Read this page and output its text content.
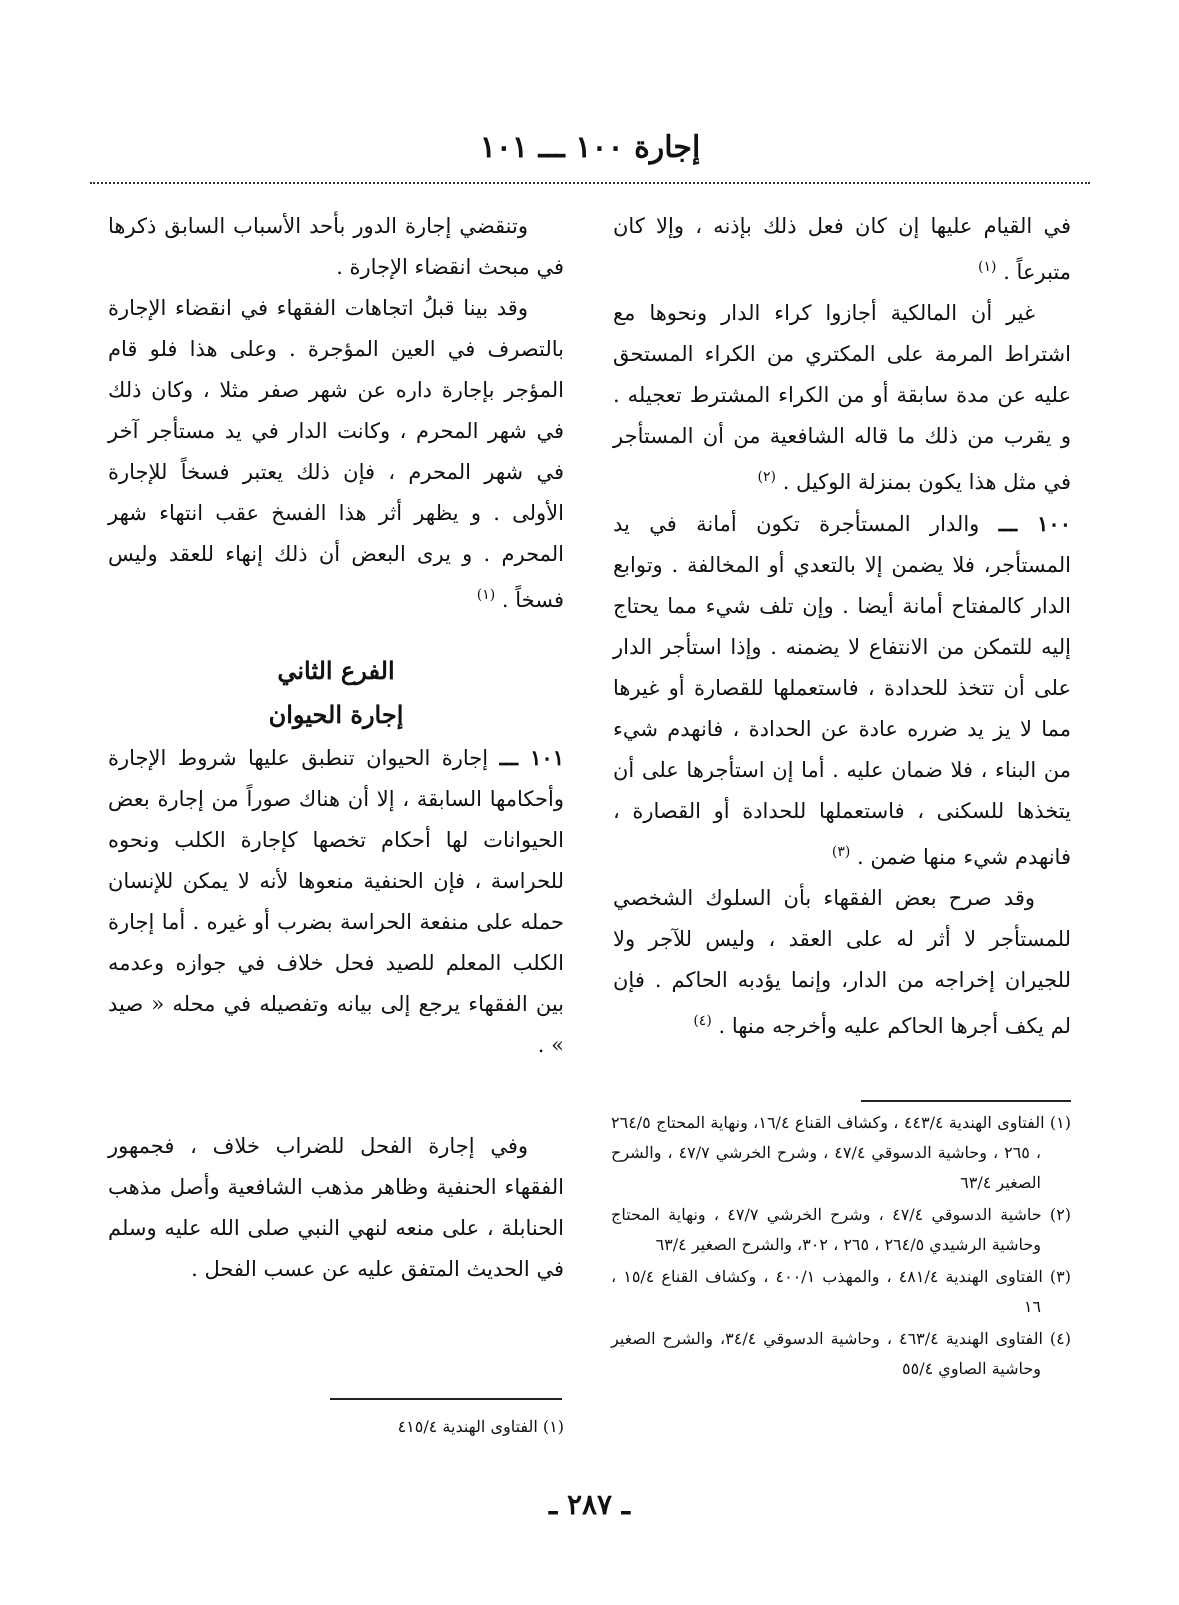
إجارة ١٠٠ ـــ ١٠١

في القيام عليها إن كان فعل ذلك بإذنه ، وإلا كان متبرعاً . $^{(١)}$

غير أن المالكية أجازوا كراء الدار ونحوها مع اشتراط المرمة على المكتري من الكراء المستحق عليه عن مدة سابقة أو من الكراء المشترط تعجيله . و يقرب من ذلك ما قاله الشافعية من أن المستأجر في مثل هذا يكون بمنزلة الوكيل . $^{(٢)}$

١٠٠ ـــ والدار المستأجرة تكون أمانة في يد المستأجر، فلا يضمن إلا بالتعدي أو المخالفة . وتوابع الدار كالمفتاح أمانة أيضا . وإن تلف شيء مما يحتاج إليه للتمكن من الانتفاع لا يضمنه . وإذا استأجر الدار على أن تتخذ للحدادة ، فاستعملها للقصارة أو غيرها مما لا يز يد ضرره عادة عن الحدادة ، فانهدم شيء من البناء ، فلا ضمان عليه . أما إن استأجرها على أن يتخذها للسكنى ، فاستعملها للحدادة أو القصارة ، فانهدم شيء منها ضمن . $^{(٣)}$

وقد صرح بعض الفقهاء بأن السلوك الشخصي للمستأجر لا أثر له على العقد ، وليس للآجر ولا للجيران إخراجه من الدار، وإنما يؤدبه الحاكم . فإن لم يكف أجرها الحاكم عليه وأخرجه منها . $^{(٤)}$

وتنقضي إجارة الدور بأحد الأسباب السابق ذكرها في مبحث انقضاء الإجارة .

وقد بينا قبلُ اتجاهات الفقهاء في انقضاء الإجارة بالتصرف في العين المؤجرة . وعلى هذا فلو قام المؤجر بإجارة داره عن شهر صفر مثلا ، وكان ذلك في شهر المحرم ، وكانت الدار في يد مستأجر آخر في شهر المحرم ، فإن ذلك يعتبر فسخاً للإجارة الأولى . و يظهر أثر هذا الفسخ عقب انتهاء شهر المحرم . و يرى البعض أن ذلك إنهاء للعقد وليس فسخاً . $^{(١)}$

الفرع الثاني

إجارة الحيوان

١٠١ ـــ إجارة الحيوان تنطبق عليها شروط الإجارة وأحكامها السابقة ، إلا أن هناك صوراً من إجارة بعض الحيوانات لها أحكام تخصها كإجارة الكلب ونحوه للحراسة ، فإن الحنفية منعوها لأنه لا يمكن للإنسان حمله على منفعة الحراسة بضرب أو غيره . أما إجارة الكلب المعلم للصيد فحل خلاف في جوازه وعدمه بين الفقهاء يرجع إلى بيانه وتفصيله في محله « صيد » .

وفي إجارة الفحل للضراب خلاف ، فجمهور الفقهاء الحنفية وظاهر مذهب الشافعية وأصل مذهب الحنابلة ، على منعه لنهي النبي صلى الله عليه وسلم في الحديث المتفق عليه عن عسب الفحل .

(١) الفتاوى الهندية ٤٤٣/٤ ، وكشاف القناع ١٦/٤، ونهاية المحتاج ٢٦٤/٥ ، ٢٦٥ ، وحاشية الدسوقي ٤٧/٤ ، وشرح الخرشي ٤٧/٧ ، والشرح الصغير ٦٣/٤

(٢) حاشية الدسوقي ٤٧/٤ ، وشرح الخرشي ٤٧/٧ ، ونهاية المحتاج وحاشية الرشيدي ٢٦٤/٥ ، ٢٦٥ ، ٣٠٢، والشرح الصغير ٦٣/٤

(٣) الفتاوى الهندية ٤٨١/٤ ، والمهذب ٤٠٠/١ ، وكشاف القناع ١٥/٤ ، ١٦

(٤) الفتاوى الهندية ٤٦٣/٤ ، وحاشية الدسوقي ٣٤/٤، والشرح الصغير وحاشية الصاوي ٥٥/٤

(١) الفتاوى الهندية ٤١٥/٤

ـ ٢٨٧ ـ
